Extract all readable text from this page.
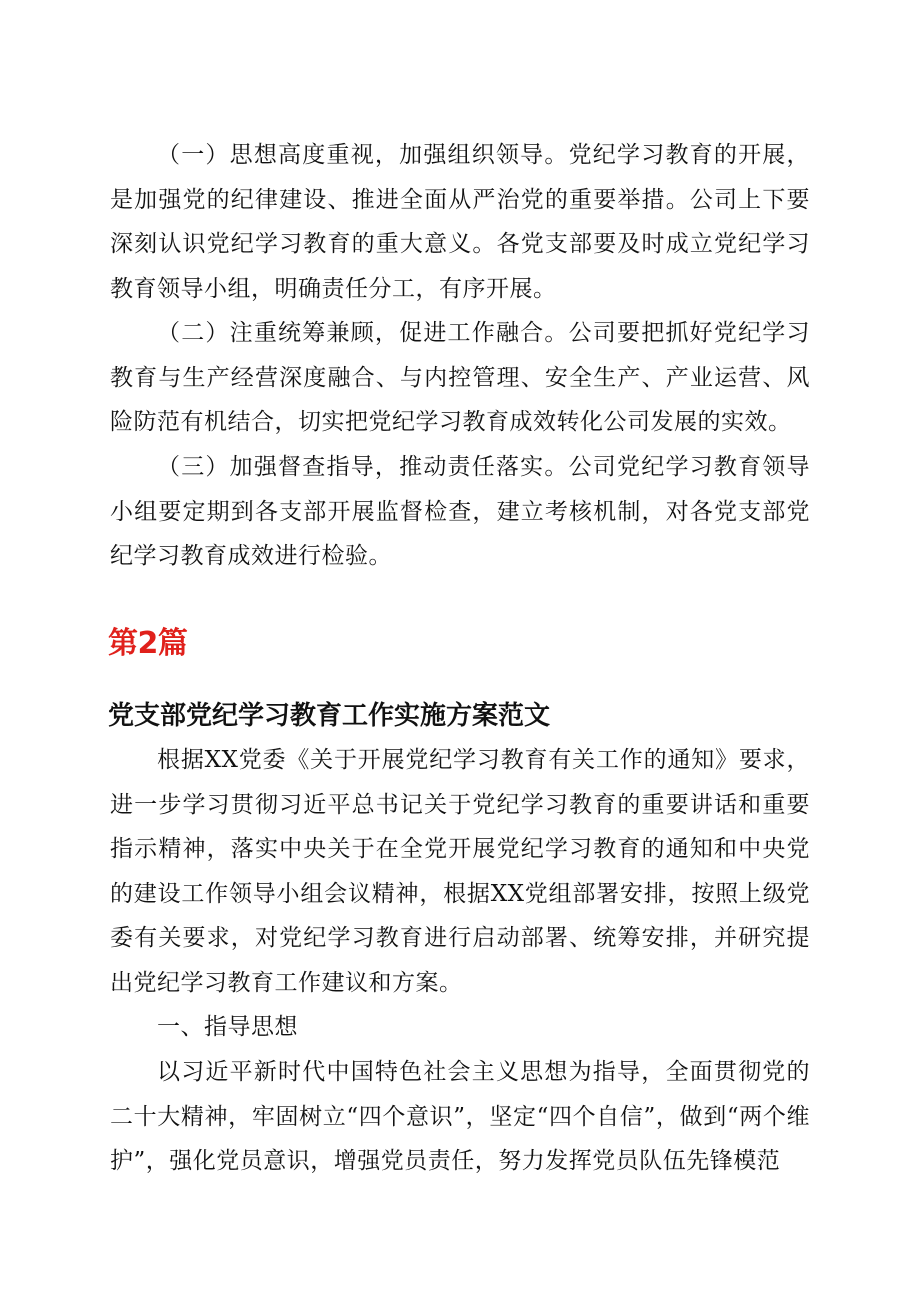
（一）思想高度重视，加强组织领导。党纪学习教育的开展，是加强党的纪律建设、推进全面从严治党的重要举措。公司上下要深刻认识党纪学习教育的重大意义。各党支部要及时成立党纪学习教育领导小组，明确责任分工，有序开展。

（二）注重统筹兼顾，促进工作融合。公司要把抓好党纪学习教育与生产经营深度融合、与内控管理、安全生产、产业运营、风险防范有机结合，切实把党纪学习教育成效转化公司发展的实效。

（三）加强督查指导，推动责任落实。公司党纪学习教育领导小组要定期到各支部开展监督检查，建立考核机制，对各党支部党纪学习教育成效进行检验。

第2篇
党支部党纪学习教育工作实施方案范文

根据XX党委《关于开展党纪学习教育有关工作的通知》要求，进一步学习贯彻习近平总书记关于党纪学习教育的重要讲话和重要指示精神，落实中央关于在全党开展党纪学习教育的通知和中央党的建设工作领导小组会议精神，根据XX党组部署安排，按照上级党委有关要求，对党纪学习教育进行启动部署、统筹安排，并研究提出党纪学习教育工作建议和方案。

一、指导思想

以习近平新时代中国特色社会主义思想为指导，全面贯彻党的二十大精神，牢固树立“四个意识”，坚定“四个自信”，做到“两个维护”，强化党员意识，增强党员责任，努力发挥党员队伍先锋模范
